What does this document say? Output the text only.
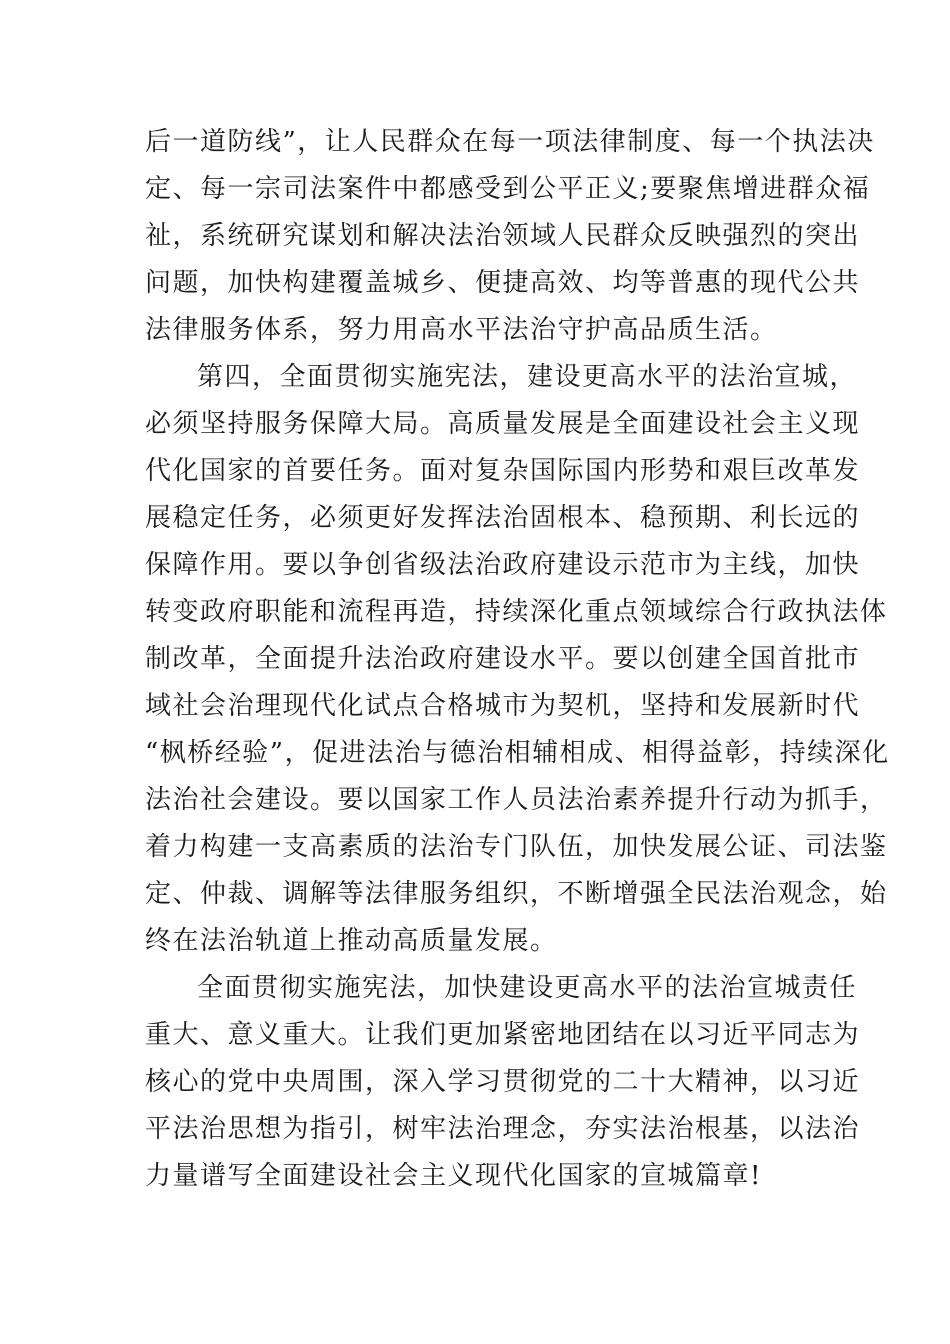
后一道防线”，让人民群众在每一项法律制度、每一个执法决
定、每一宗司法案件中都感受到公平正义;要聚焦增进群众福
祉，系统研究谋划和解决法治领域人民群众反映强烈的突出
问题，加快构建覆盖城乡、便捷高效、均等普惠的现代公共
法律服务体系，努力用高水平法治守护高品质生活。
第四，全面贯彻实施宪法，建设更高水平的法治宣城，
必须坚持服务保障大局。高质量发展是全面建设社会主义现
代化国家的首要任务。面对复杂国际国内形势和艰巨改革发
展稳定任务，必须更好发挥法治固根本、稳预期、利长远的
保障作用。要以争创省级法治政府建设示范市为主线，加快
转变政府职能和流程再造，持续深化重点领域综合行政执法体
制改革，全面提升法治政府建设水平。要以创建全国首批市
域社会治理现代化试点合格城市为契机，坚持和发展新时代
“枫桥经验”，促进法治与德治相辅相成、相得益彰，持续深化
法治社会建设。要以国家工作人员法治素养提升行动为抓手，
着力构建一支高素质的法治专门队伍，加快发展公证、司法鉴
定、仲裁、调解等法律服务组织，不断增强全民法治观念，始
终在法治轨道上推动高质量发展。
全面贯彻实施宪法，加快建设更高水平的法治宣城责任
重大、意义重大。让我们更加紧密地团结在以习近平同志为
核心的党中央周围，深入学习贯彻党的二十大精神，以习近
平法治思想为指引，树牢法治理念，夯实法治根基，以法治
力量谱写全面建设社会主义现代化国家的宣城篇章!
